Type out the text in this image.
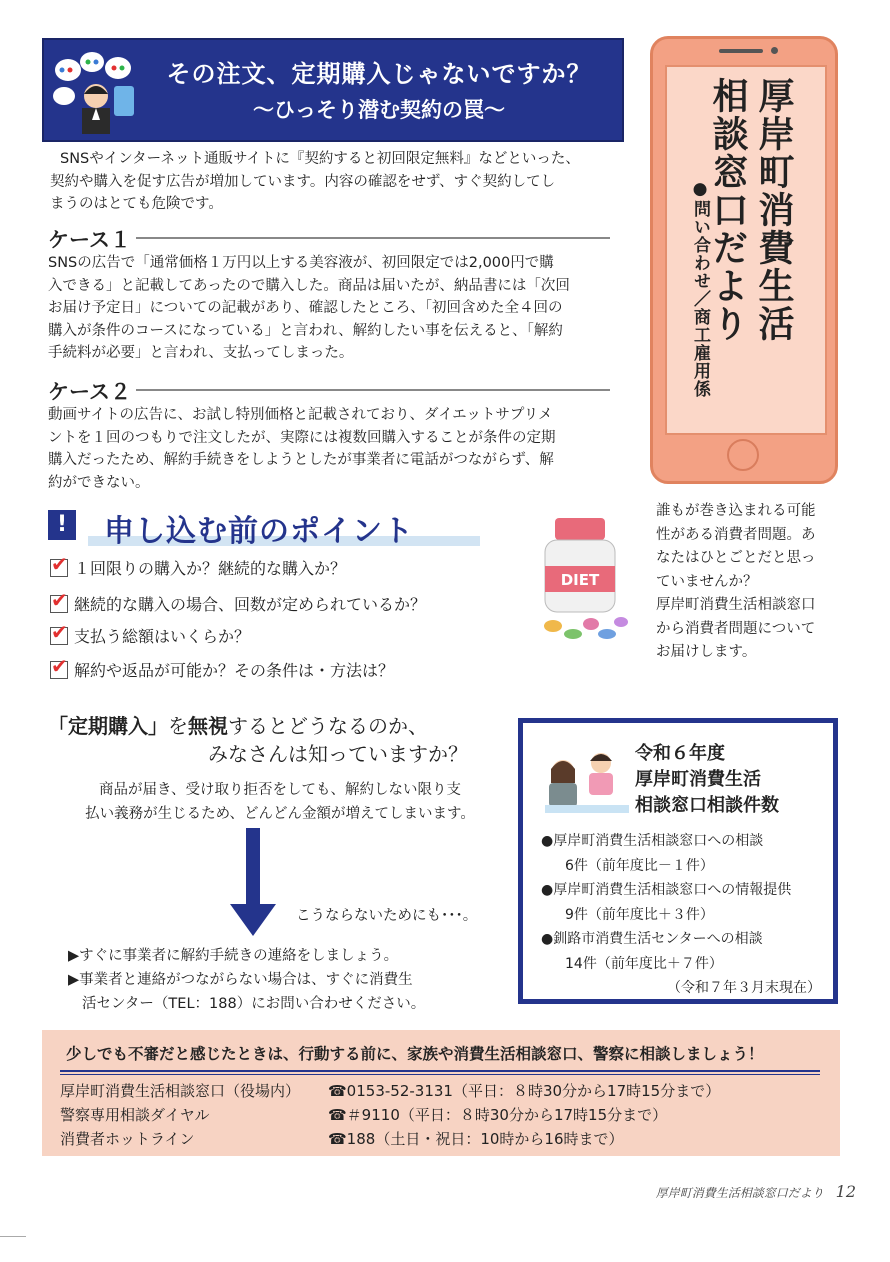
その注文、定期購入じゃないですか？
～ひっそり潜む契約の罠～	厚岸町消費生活
相談窓口だより
●問い合わせ／商工雇用係
SNSやインターネット通販サイトに『契約すると初回限定無料』などといった、
契約や購入を促す広告が増加しています。内容の確認をせず、すぐ契約してし
まうのはとても危険です。
ケース１
SNSの広告で「通常価格１万円以上する美容液が、初回限定では2,000円で購
入できる」と記載してあったので購入した。商品は届いたが、納品書には「次回
お届け予定日」についての記載があり、確認したところ、「初回含めた全４回の
購入が条件のコースになっている」と言われ、解約したい事を伝えると、「解約
手続料が必要」と言われ、支払ってしまった。
ケース２
動画サイトの広告に、お試し特別価格と記載されており、ダイエットサプリメ
ントを１回のつもりで注文したが、実際には複数回購入することが条件の定期
購入だったため、解約手続きをしようとしたが事業者に電話がつながらず、解
約ができない。
誰もが巻き込まれる可能
性がある消費者問題。あ
なたはひとごとだと思っ
ていませんか？
厚岸町消費生活相談窓口
から消費者問題について
お届けします。
! 申し込む前のポイント
✔１回限りの購入か？継続的な購入か？
✔継続的な購入の場合、回数が定められているか？
✔支払う総額はいくらか？
✔解約や返品が可能か？その条件は・方法は？
DIET
「定期購入」を無視するとどうなるのか、
みなさんは知っていますか？
商品が届き、受け取り拒否をしても、解約しない限り支
払い義務が生じるため、どんどん金額が増えてしまいます。
こうならないためにも･･･。
▶すぐに事業者に解約手続きの連絡をしましょう。
▶事業者と連絡がつながらない場合は、すぐに消費生
活センター（TEL：188）にお問い合わせください。
令和６年度
厚岸町消費生活
相談窓口相談件数
●厚岸町消費生活相談窓口への相談
6件（前年度比－１件）
●厚岸町消費生活相談窓口への情報提供
9件（前年度比＋３件）
●釧路市消費生活センターへの相談
14件（前年度比＋７件）
（令和７年３月末現在）
少しでも不審だと感じたときは、行動する前に、家族や消費生活相談窓口、警察に相談しましょう！
厚岸町消費生活相談窓口（役場内） ☎0153-52-3131（平日：８時30分から17時15分まで）
警察専用相談ダイヤル	☎＃9110（平日：８時30分から17時15分まで）
消費者ホットライン	☎188（土日・祝日：10時から16時まで）
厚岸町消費生活相談窓口だより 12
